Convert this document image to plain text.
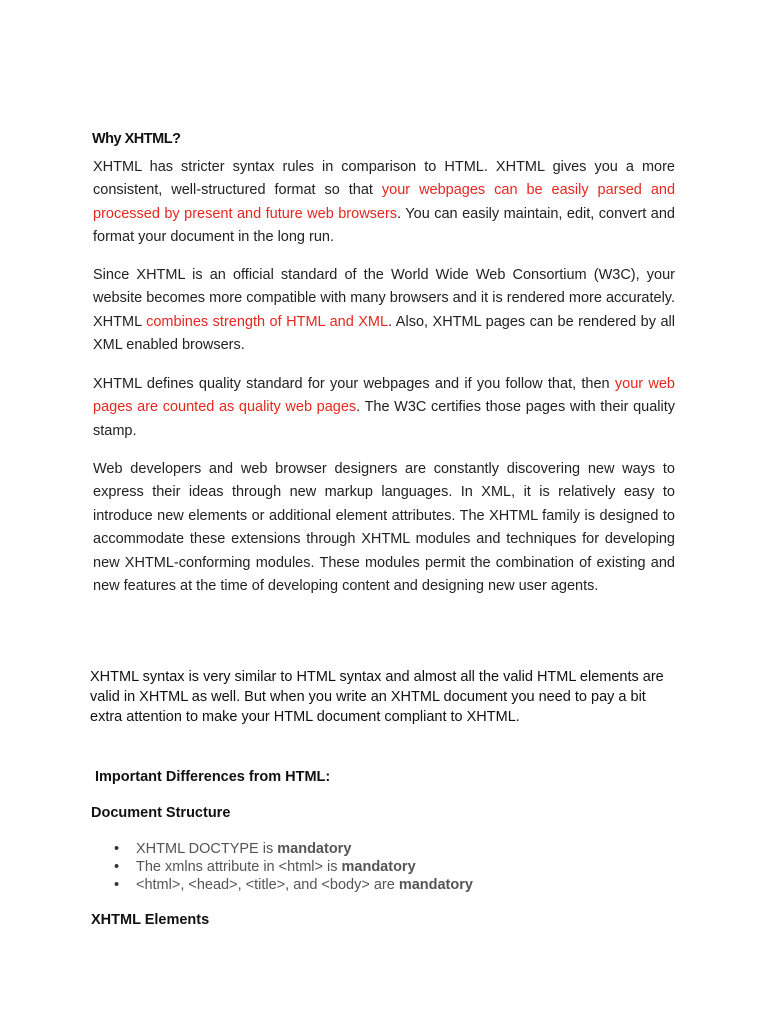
Why XHTML?

XHTML has stricter syntax rules in comparison to HTML. XHTML gives you a more consistent, well-structured format so that your webpages can be easily parsed and processed by present and future web browsers. You can easily maintain, edit, convert and format your document in the long run.

Since XHTML is an official standard of the World Wide Web Consortium (W3C), your website becomes more compatible with many browsers and it is rendered more accurately. XHTML combines strength of HTML and XML. Also, XHTML pages can be rendered by all XML enabled browsers.

XHTML defines quality standard for your webpages and if you follow that, then your web pages are counted as quality web pages. The W3C certifies those pages with their quality stamp.

Web developers and web browser designers are constantly discovering new ways to express their ideas through new markup languages. In XML, it is relatively easy to introduce new elements or additional element attributes. The XHTML family is designed to accommodate these extensions through XHTML modules and techniques for developing new XHTML-conforming modules. These modules permit the combination of existing and new features at the time of developing content and designing new user agents.

XHTML syntax is very similar to HTML syntax and almost all the valid HTML elements are valid in XHTML as well. But when you write an XHTML document you need to pay a bit extra attention to make your HTML document compliant to XHTML.

Important Differences from HTML:
Document Structure
• XHTML DOCTYPE is mandatory
• The xmlns attribute in <html> is mandatory
• <html>, <head>, <title>, and <body> are mandatory
XHTML Elements
